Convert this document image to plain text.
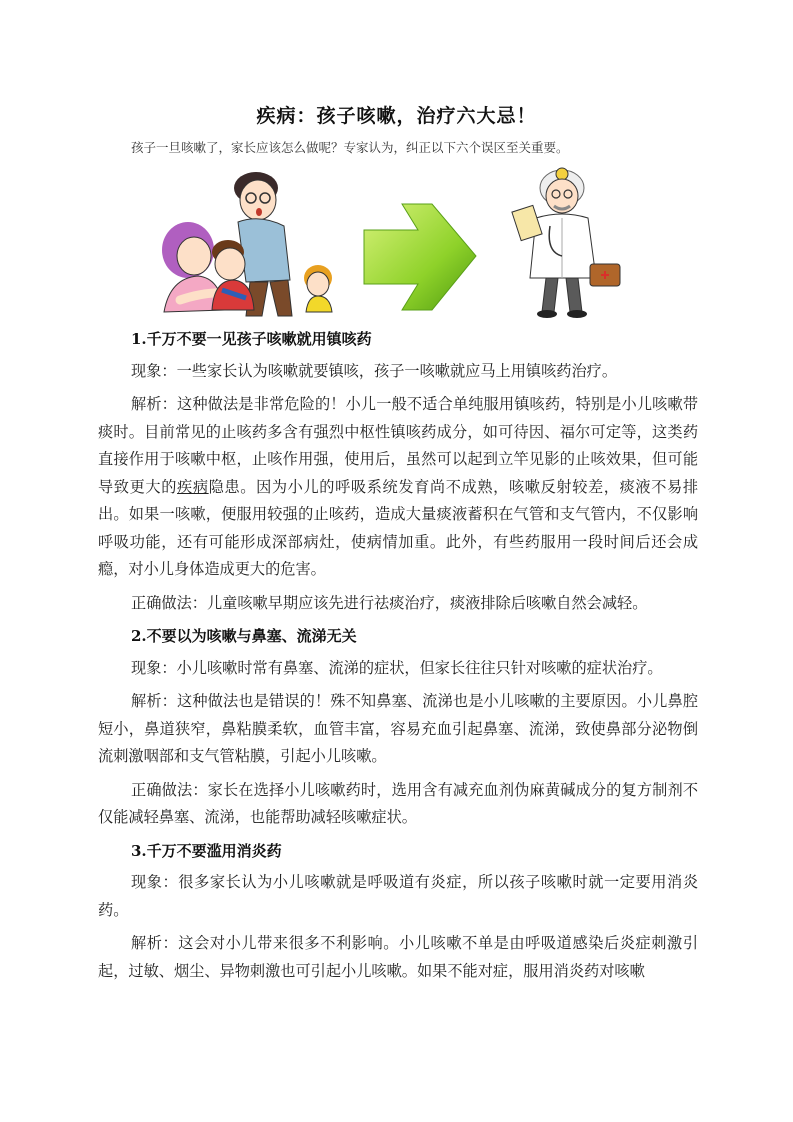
疾病：孩子咳嗽，治疗六大忌！
孩子一旦咳嗽了，家长应该怎么做呢？专家认为，纠正以下六个误区至关重要。

1.千万不要一见孩子咳嗽就用镇咳药

现象：一些家长认为咳嗽就要镇咳，孩子一咳嗽就应马上用镇咳药治疗。

解析：这种做法是非常危险的！小儿一般不适合单纯服用镇咳药，特别是小儿咳嗽带痰时。目前常见的止咳药多含有强烈中枢性镇咳药成分，如可待因、福尔可定等，这类药直接作用于咳嗽中枢，止咳作用强，使用后，虽然可以起到立竿见影的止咳效果，但可能导致更大的疾病隐患。因为小儿的呼吸系统发育尚不成熟，咳嗽反射较差，痰液不易排出。如果一咳嗽，便服用较强的止咳药，造成大量痰液蓄积在气管和支气管内，不仅影响呼吸功能，还有可能形成深部病灶，使病情加重。此外，有些药服用一段时间后还会成瘾，对小儿身体造成更大的危害。

正确做法：儿童咳嗽早期应该先进行祛痰治疗，痰液排除后咳嗽自然会减轻。

2.不要以为咳嗽与鼻塞、流涕无关

现象：小儿咳嗽时常有鼻塞、流涕的症状，但家长往往只针对咳嗽的症状治疗。

解析：这种做法也是错误的！殊不知鼻塞、流涕也是小儿咳嗽的主要原因。小儿鼻腔短小，鼻道狭窄，鼻粘膜柔软，血管丰富，容易充血引起鼻塞、流涕，致使鼻部分泌物倒流刺激咽部和支气管粘膜，引起小儿咳嗽。

正确做法：家长在选择小儿咳嗽药时，选用含有减充血剂伪麻黄碱成分的复方制剂不仅能减轻鼻塞、流涕，也能帮助减轻咳嗽症状。

3.千万不要滥用消炎药

现象：很多家长认为小儿咳嗽就是呼吸道有炎症，所以孩子咳嗽时就一定要用消炎药。

解析：这会对小儿带来很多不利影响。小儿咳嗽不单是由呼吸道感染后炎症刺激引起，过敏、烟尘、异物刺激也可引起小儿咳嗽。如果不能对症，服用消炎药对咳嗽
